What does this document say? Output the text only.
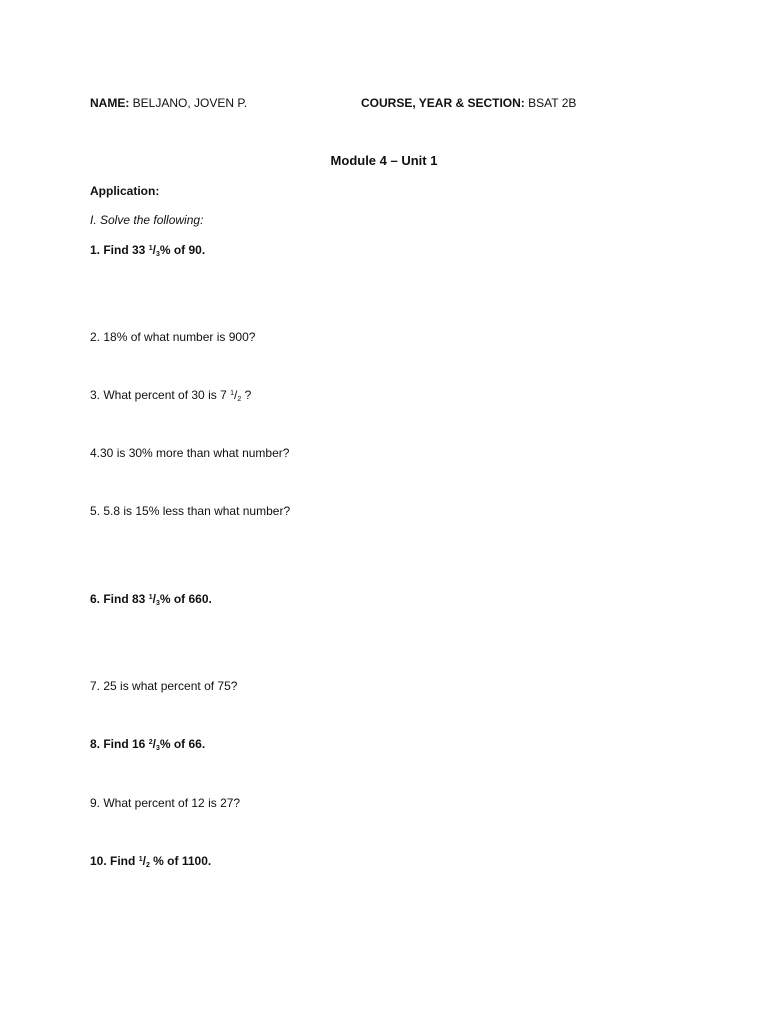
NAME: BELJANO, JOVEN P.	COURSE, YEAR & SECTION: BSAT 2B
Module 4 – Unit 1
Application:
I. Solve the following:
1. Find 33 $^1/_3\%$ of 90.
2. 18% of what number is 900?
3. What percent of 30 is 7 $^1/_2$ ?
4.30 is 30% more than what number?
5. 5.8 is 15% less than what number?
6. Find 83 $^1/_3\%$ of 660.
7. 25 is what percent of 75?
8. Find 16 $^2/_3\%$ of 66.
9. What percent of 12 is 27?
10. Find $^1/_2$ % of 1100.
